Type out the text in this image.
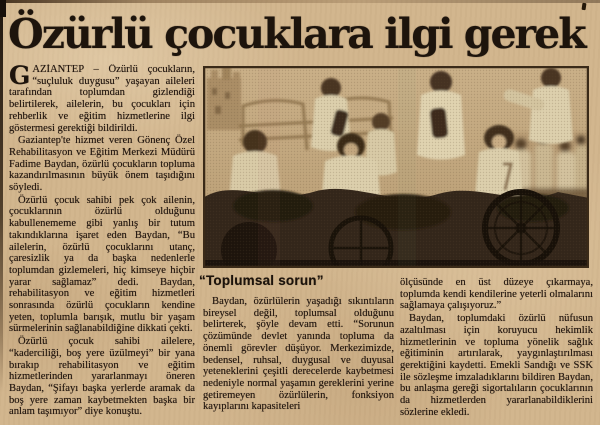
Özürlü çocuklara ilgi gerek

GAZİANTEP – Özürlü çocukların, “suçluluk duygusu” yaşayan aileleri tarafından toplumdan gizlendiği belirtilerek, ailelerin, bu çocukları için rehberlik ve eğitim hizmetlerine ilgi göstermesi gerektiği bildirildi.

Gaziantep'te hizmet veren Gönenç Özel Rehabilitasyon ve Eğitim Merkezi Müdürü Fadime Baydan, özürlü çocukların topluma kazandırılmasının büyük önem taşıdığını söyledi.

Özürlü çocuk sahibi pek çok ailenin, çocuklarının özürlü olduğunu kabullenememe gibi yanlış bir tutum takındıklarına işaret eden Baydan, “Bu ailelerin, özürlü çocuklarını utanç, çaresizlik ya da başka nedenlerle toplumdan gizlemeleri, hiç kimseye hiçbir yarar sağlamaz” dedi. Baydan, rehabilitasyon ve eğitim hizmetleri sonrasında özürlü çocukların kendine yeten, toplumla barışık, mutlu bir yaşam sürmelerinin sağlanabildiğine dikkati çekti.

Özürlü çocuk sahibi ailelere, “kaderciliği, boş yere üzülmeyi” bir yana bırakıp rehabilitasyon ve eğitim hizmetlerinden yararlanmayı öneren Baydan, “Şifayı başka yerlerde aramak da boş yere zaman kaybetmekten başka bir anlam taşımıyor” diye konuştu.

“Toplumsal sorun”

Baydan, özürlülerin yaşadığı sıkıntıların bireysel değil, toplumsal olduğunu belirterek, şöyle devam etti. “Sorunun çözümünde devlet yanında topluma da önemli görevler düşüyor. Merkezimizde, bedensel, ruhsal, duygusal ve duyusal yeteneklerini çeşitli derecelerde kaybetmesi nedeniyle normal yaşamın gereklerini yerine getiremeyen özürlülerin, fonksiyon kayıplarını kapasiteleri

ölçüsünde en üst düzeye çıkarmaya, toplumda kendi kendilerine yeterli olmalarını sağlamaya çalışıyoruz.”

Baydan, toplumdaki özürlü nüfusun azaltılması için koruyucu hekimlik hizmetlerinin ve topluma yönelik sağlık eğitiminin artırılarak, yaygınlaştırılması gerektiğini kaydetti. Emekli Sandığı ve SSK ile sözleşme imzaladıklarını bildiren Baydan, bu anlaşma gereği sigortalıların çocuklarının da hizmetlerden yararlanabildiklerini sözlerine ekledi.
